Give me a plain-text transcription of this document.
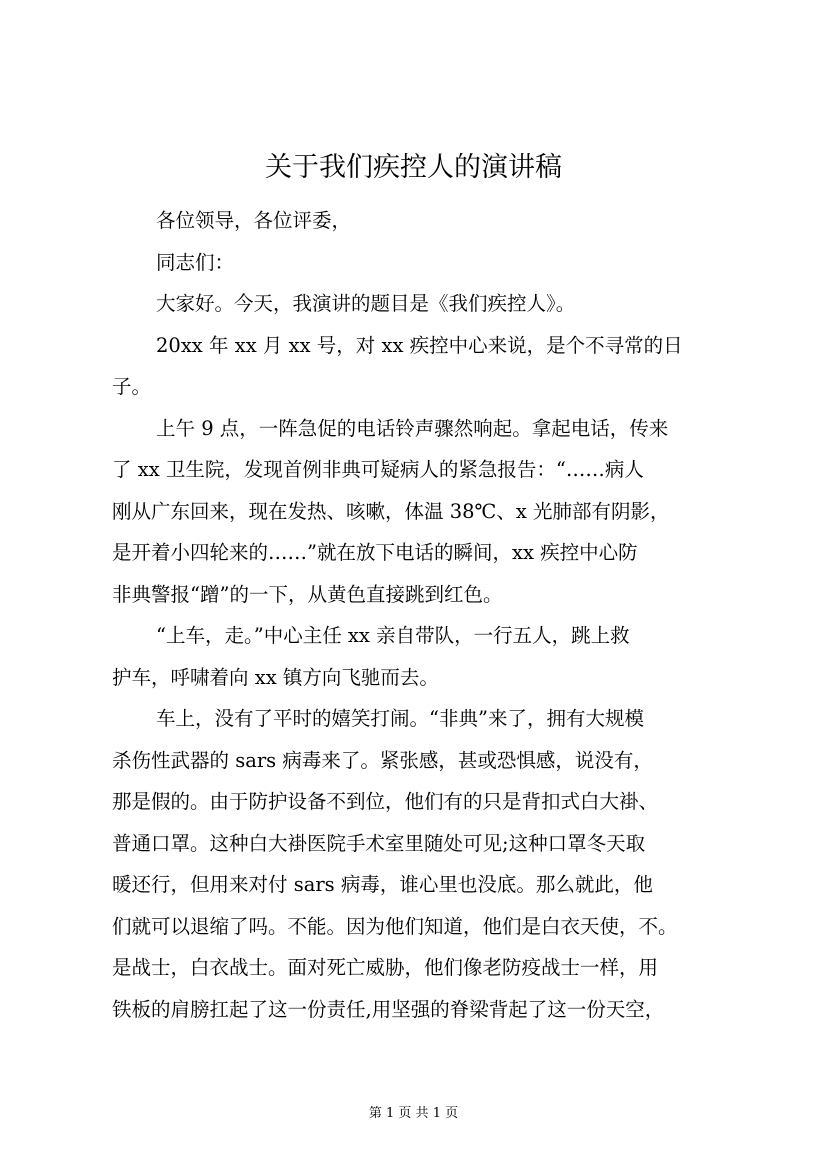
关于我们疾控人的演讲稿
各位领导，各位评委，
同志们：
大家好。今天，我演讲的题目是《我们疾控人》。
20xx 年 xx 月 xx 号，对 xx 疾控中心来说，是个不寻常的日
子。
上午 9 点，一阵急促的电话铃声骤然响起。拿起电话，传来
了 xx 卫生院，发现首例非典可疑病人的紧急报告：“……病人
刚从广东回来，现在发热、咳嗽，体温 38℃、x 光肺部有阴影，
是开着小四轮来的……”就在放下电话的瞬间，xx 疾控中心防
非典警报“蹭”的一下，从黄色直接跳到红色。
“上车，走。”中心主任 xx 亲自带队，一行五人，跳上救
护车，呼啸着向 xx 镇方向飞驰而去。
车上，没有了平时的嬉笑打闹。“非典”来了，拥有大规模
杀伤性武器的 sars 病毒来了。紧张感，甚或恐惧感，说没有，
那是假的。由于防护设备不到位，他们有的只是背扣式白大褂、
普通口罩。这种白大褂医院手术室里随处可见;这种口罩冬天取
暖还行，但用来对付 sars 病毒，谁心里也没底。那么就此，他
们就可以退缩了吗。不能。因为他们知道，他们是白衣天使，不。
是战士，白衣战士。面对死亡威胁，他们像老防疫战士一样，用
铁板的肩膀扛起了这一份责任,用坚强的脊梁背起了这一份天空，
第 1 页 共 1 页
